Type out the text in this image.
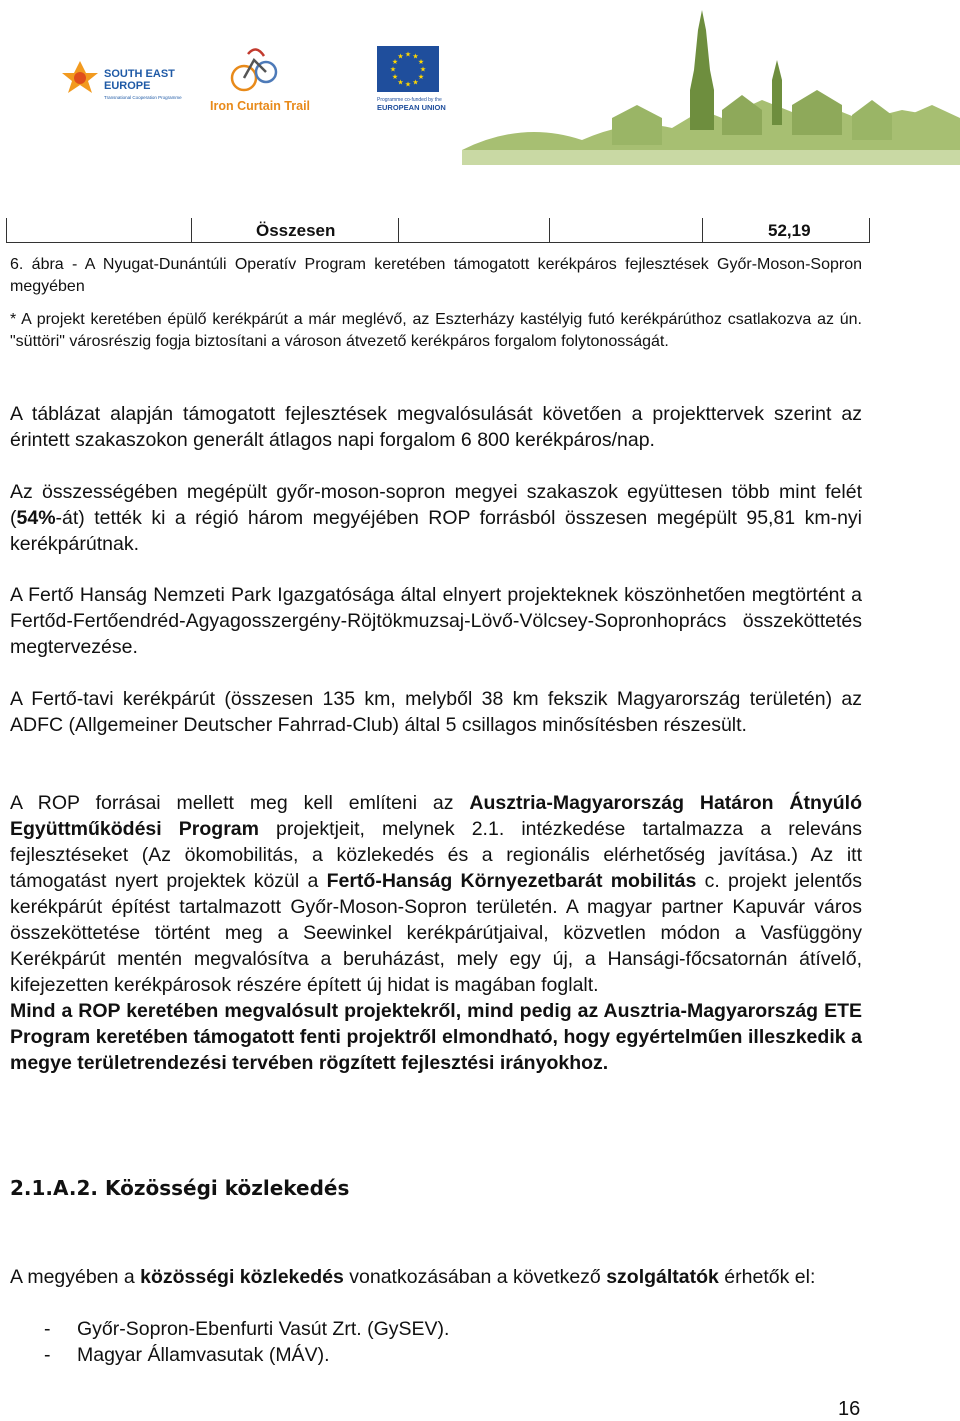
SOUTH EAST
EUROPE
Transnational Cooperation Programme
Iron Curtain Trail
★
★
★
★
★
★
★
★
★ ★ ★
★
Programme co-funded by the
EUROPEAN UNION
Összesen	52,19

6. ábra - A Nyugat-Dunántúli Operatív Program keretében támogatott kerékpáros fejlesztések Győr-Moson-Sopron megyében

* A projekt keretében épülő kerékpárút a már meglévő, az Eszterházy kastélyig futó kerékpárúthoz csatlakozva az ún. "süttöri" városrészig fogja biztosítani a városon átvezető kerékpáros forgalom folytonosságát.

A táblázat alapján támogatott fejlesztések megvalósulását követően a projekttervek szerint az érintett szakaszokon generált átlagos napi forgalom 6 800 kerékpáros/nap.

Az összességében megépült győr-moson-sopron megyei szakaszok együttesen több mint felét (54%-át) tették ki a régió három megyéjében ROP forrásból összesen megépült 95,81 km-nyi kerékpárútnak.

A Fertő Hanság Nemzeti Park Igazgatósága által elnyert projekteknek köszönhetően megtörtént a Fertőd-Fertőendréd-Agyagosszergény-Röjtökmuzsaj-Lövő-Völcsey-Sopronhoprács összeköttetés megtervezése.

A Fertő-tavi kerékpárút (összesen 135 km, melyből 38 km fekszik Magyarország területén) az ADFC (Allgemeiner Deutscher Fahrrad-Club) által 5 csillagos minősítésben részesült.

A ROP forrásai mellett meg kell említeni az Ausztria-Magyarország Határon Átnyúló Együttműködési Program projektjeit, melynek 2.1. intézkedése tartalmazza a releváns fejlesztéseket (Az ökomobilitás, a közlekedés és a regionális elérhetőség javítása.) Az itt támogatást nyert projektek közül a Fertő-Hanság Környezetbarát mobilitás c. projekt jelentős kerékpárút építést tartalmazott Győr-Moson-Sopron területén. A magyar partner Kapuvár város összeköttetése történt meg a Seewinkel kerékpárútjaival, közvetlen módon a Vasfüggöny Kerékpárút mentén megvalósítva a beruházást, mely egy új, a Hansági-főcsatornán átívelő, kifejezetten kerékpárosok részére épített új hidat is magában foglalt.
Mind a ROP keretében megvalósult projektekről, mind pedig az Ausztria-Magyarország ETE Program keretében támogatott fenti projektről elmondható, hogy egyértelműen illeszkedik a megye területrendezési tervében rögzített fejlesztési irányokhoz.

2.1.A.2. Közösségi közlekedés

A megyében a közösségi közlekedés vonatkozásában a következő szolgáltatók érhetők el:

- Győr-Sopron-Ebenfurti Vasút Zrt. (GySEV).
- Magyar Államvasutak (MÁV).
16
